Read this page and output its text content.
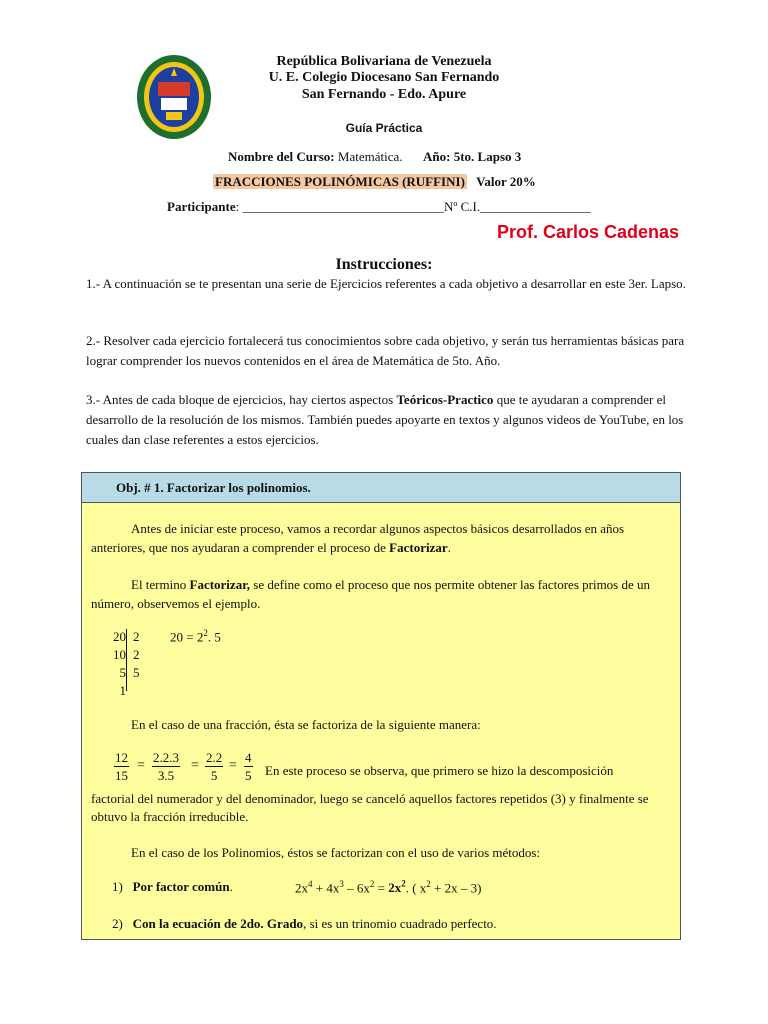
República Bolivariana de Venezuela
U. E. Colegio Diocesano San Fernando
San Fernando - Edo. Apure
Guía Práctica
Nombre del Curso: Matemática. Año: 5to. Lapso 3
FRACCIONES POLINÓMICAS (RUFFINI) Valor 20%
Participante: _______________________________Nº C.I._________________
Prof. Carlos Cadenas
Instrucciones:
1.- A continuación se te presentan una serie de Ejercicios referentes a cada objetivo a desarrollar en este 3er. Lapso.
2.- Resolver cada ejercicio fortalecerá tus conocimientos sobre cada objetivo, y serán tus herramientas básicas para lograr comprender los nuevos contenidos en el área de Matemática de 5to. Año.
3.- Antes de cada bloque de ejercicios, hay ciertos aspectos Teóricos-Practico que te ayudaran a comprender el desarrollo de la resolución de los mismos. También puedes apoyarte en textos y algunos videos de YouTube, en los cuales dan clase referentes a estos ejercicios.
Obj. # 1. Factorizar los polinomios.
Antes de iniciar este proceso, vamos a recordar algunos aspectos básicos desarrollados en años anteriores, que nos ayudaran a comprender el proceso de Factorizar.
El termino Factorizar, se define como el proceso que nos permite obtener las factores primos de un número, observemos el ejemplo.
20
10
5
1
2
2
5
$20 = 2^2$. 5
En el caso de una fracción, ésta se factoriza de la siguiente manera:
$\frac{12}{15} = \frac{2.2.3}{3.5} = \frac{2.2}{5} = \frac{4}{5}$ En este proceso se observa, que primero se hizo la descomposición
factorial del numerador y del denominador, luego se canceló aquellos factores repetidos (3) y finalmente se obtuvo la fracción irreducible.
En el caso de los Polinomios, éstos se factorizan con el uso de varios métodos:
1) Por factor común.	$2x^4 + 4x^3 - 6x^2 = 2x^2$. ( $x^2 + 2x - 3$)
2) Con la ecuación de 2do. Grado, si es un trinomio cuadrado perfecto.
